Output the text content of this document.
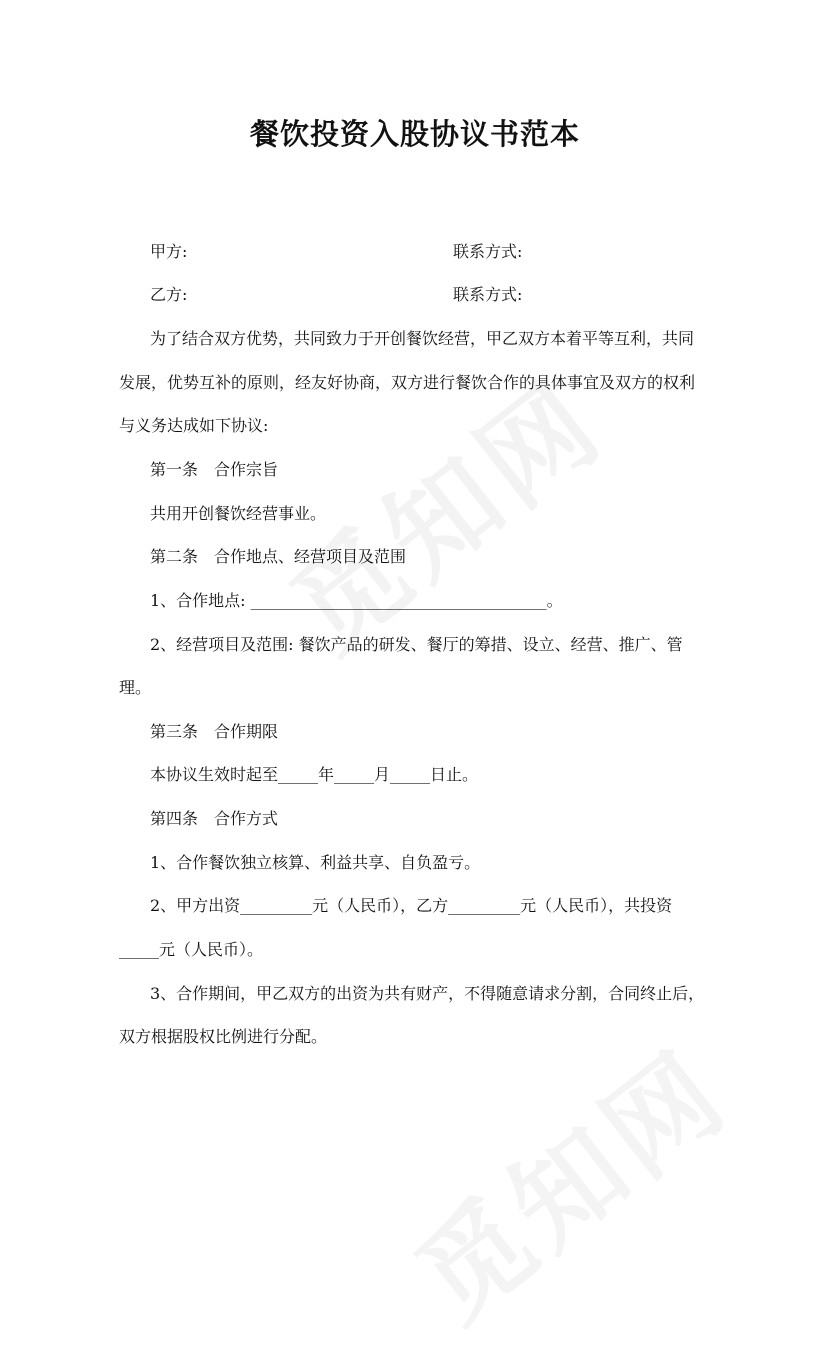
餐饮投资入股协议书范本
甲方:	联系方式:
乙方:	联系方式:
为了结合双方优势，共同致力于开创餐饮经营，甲乙双方本着平等互利，共同
发展，优势互补的原则，经友好协商，双方进行餐饮合作的具体事宜及双方的权利
与义务达成如下协议:
第一条　合作宗旨
共用开创餐饮经营事业。
第二条　合作地点、经营项目及范围
1、合作地点: _____________________________________。
2、经营项目及范围: 餐饮产品的研发、餐厅的筹措、设立、经营、推广、管
理。
第三条　合作期限
本协议生效时起至_____年_____月_____日止。
第四条　合作方式
1、合作餐饮独立核算、利益共享、自负盈亏。
2、甲方出资_________元（人民币），乙方_________元（人民币），共投资
_____元（人民币）。
3、合作期间，甲乙双方的出资为共有财产，不得随意请求分割，合同终止后，
双方根据股权比例进行分配。
